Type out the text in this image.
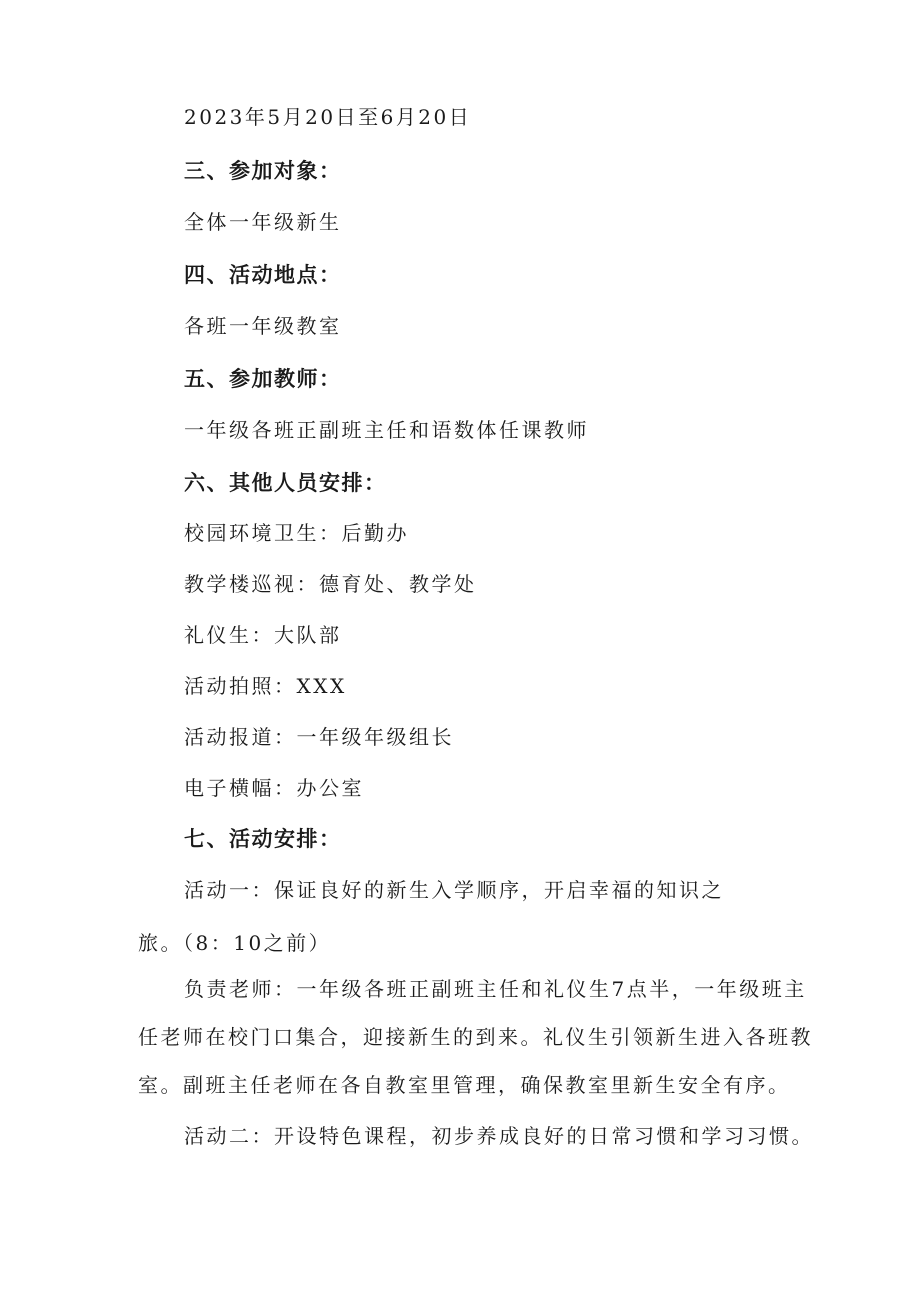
2023年5月20日至6月20日
三、参加对象：
全体一年级新生
四、活动地点：
各班一年级教室
五、参加教师：
一年级各班正副班主任和语数体任课教师
六、其他人员安排：
校园环境卫生：后勤办
教学楼巡视：德育处、教学处
礼仪生：大队部
活动拍照：XXX
活动报道：一年级年级组长
电子横幅：办公室
七、活动安排：
活动一：保证良好的新生入学顺序，开启幸福的知识之
旅。（8：10之前）
负责老师：一年级各班正副班主任和礼仪生7点半，一年级班主
任老师在校门口集合，迎接新生的到来。礼仪生引领新生进入各班教
室。副班主任老师在各自教室里管理，确保教室里新生安全有序。
活动二：开设特色课程，初步养成良好的日常习惯和学习习惯。
